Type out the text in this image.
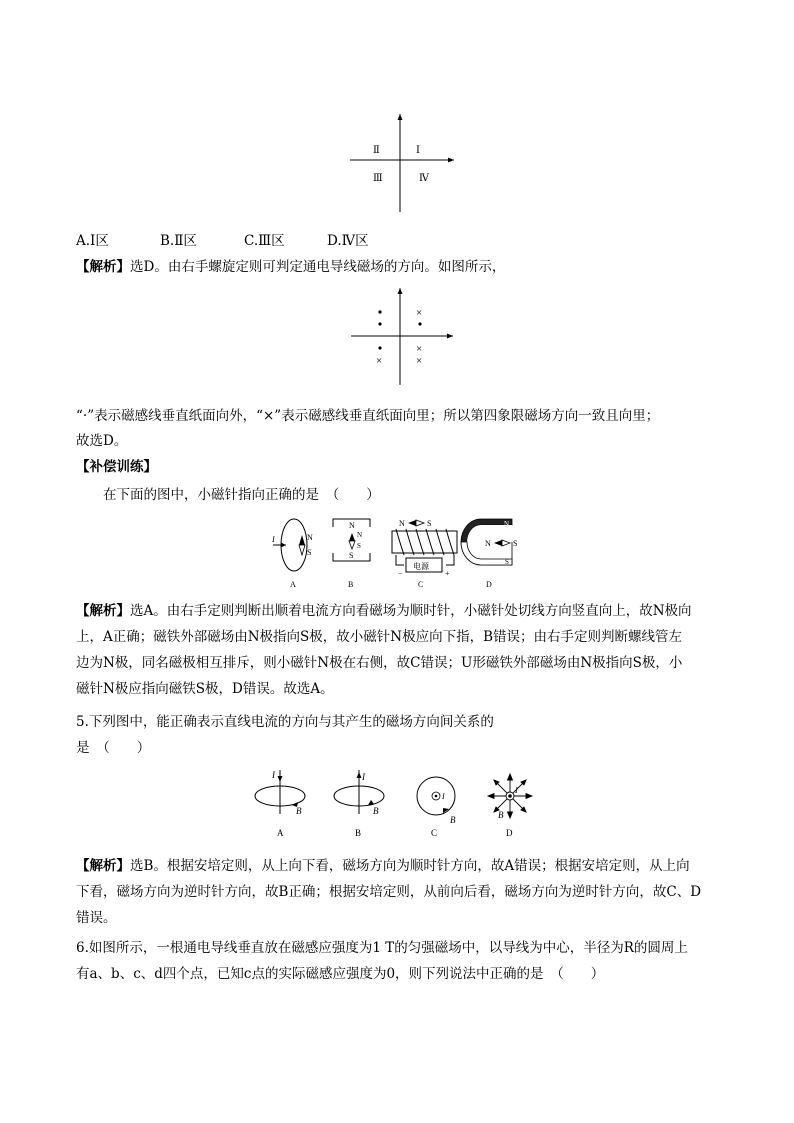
Ⅱ	Ⅰ
Ⅲ	Ⅳ
A.Ⅰ区	B.Ⅱ区	C.Ⅲ区	D.Ⅳ区
【解析】选D。由右手螺旋定则可判定通电导线磁场的方向。如图所示，
×
×
×
×
“·”表示磁感线垂直纸面向外，“×”表示磁感线垂直纸面向里；所以第四象限磁场方向一致且向里；
故选D。
【补偿训练】
在下面的图中，小磁针指向正确的是　（　　）
I	N
S
A
N
S
N
S
B
N	S
电源
−	+
C
N
S
N	S
D
【解析】选A。由右手定则判断出顺着电流方向看磁场为顺时针，小磁针处切线方向竖直向上，故N极向
上，A正确；磁铁外部磁场由N极指向S极，故小磁针N极应向下指，B错误；由右手定则判断螺线管左
边为N极，同名磁极相互排斥，则小磁针N极在右侧，故C错误；U形磁铁外部磁场由N极指向S极，小
磁针N极应指向磁铁S极，D错误。故选A。
5.下列图中，能正确表示直线电流的方向与其产生的磁场方向间关系的
是　（　　）
I
B
A
I
B
B
I
B
C
I
B
D
【解析】选B。根据安培定则，从上向下看，磁场方向为顺时针方向，故A错误；根据安培定则，从上向
下看，磁场方向为逆时针方向，故B正确；根据安培定则，从前向后看，磁场方向为逆时针方向，故C、D
错误。
6.如图所示，一根通电导线垂直放在磁感应强度为1 T的匀强磁场中，以导线为中心，半径为R的圆周上
有a、b、c、d四个点，已知c点的实际磁感应强度为0，则下列说法中正确的是　（　　）
